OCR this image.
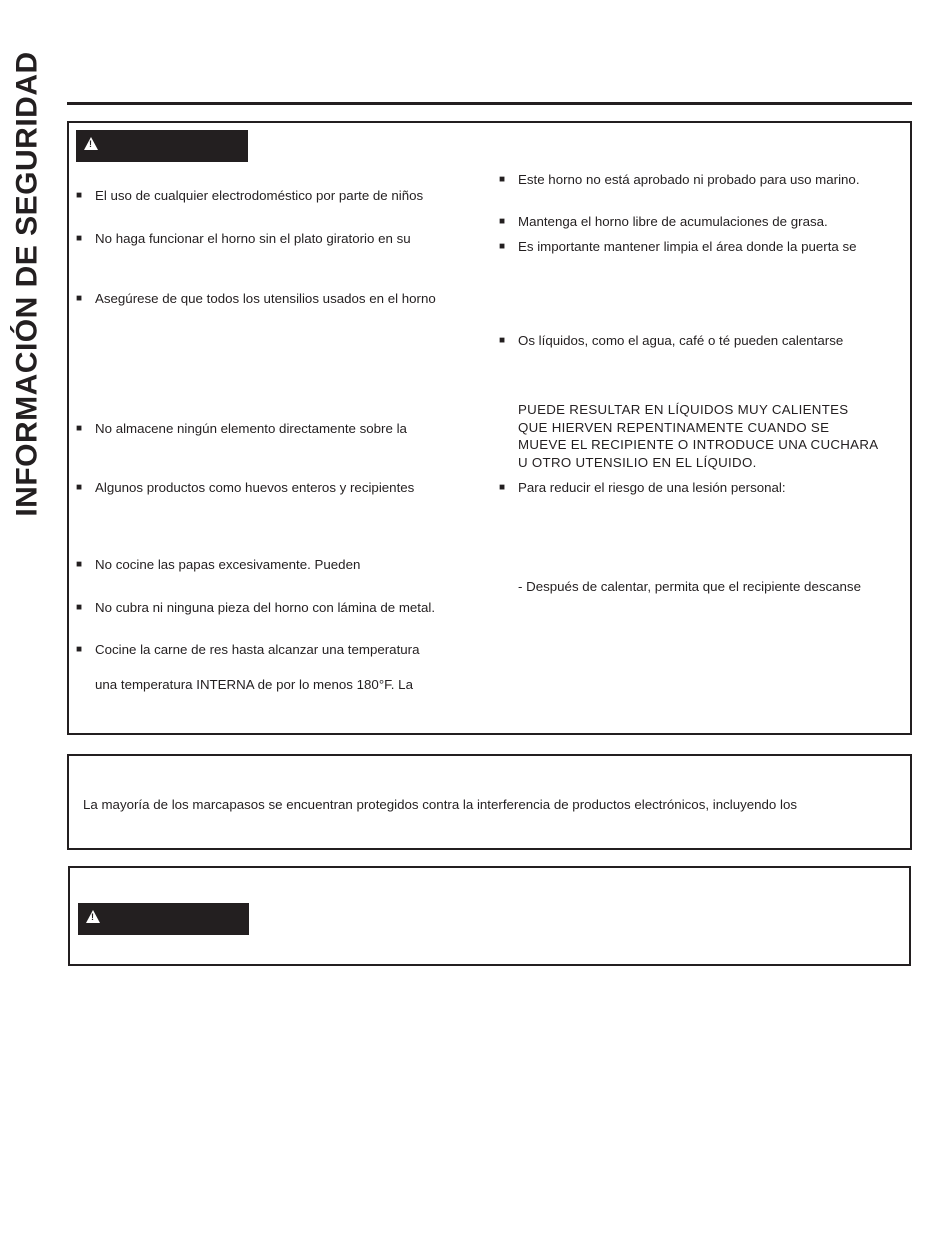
INFORMACIÓN DE SEGURIDAD
!	■ El uso de cualquier electrodoméstico por parte de niños
■ No haga funcionar el horno sin el plato giratorio en su
■ Asegúrese de que todos los utensilios usados en el horno
■ No almacene ningún elemento directamente sobre la
■ Algunos productos como huevos enteros y recipientes
■ No cocine las papas excesivamente. Pueden
■ No cubra ni ninguna pieza del horno con lámina de metal.
■ Cocine la carne de res hasta alcanzar una temperatura
una temperatura INTERNA de por lo menos 180°F. La
■ Este horno no está aprobado ni probado para uso marino.
■ Mantenga el horno libre de acumulaciones de grasa.
■ Es importante mantener limpia el área donde la puerta se
■ Os líquidos, como el agua, café o té pueden calentarse
PUEDE RESULTAR EN LÍQUIDOS MUY CALIENTES
QUE HIERVEN REPENTINAMENTE CUANDO SE
MUEVE EL RECIPIENTE O INTRODUCE UNA CUCHARA
U OTRO UTENSILIO EN EL LÍQUIDO.
■ Para reducir el riesgo de una lesión personal:
- Después de calentar, permita que el recipiente descanse
La mayoría de los marcapasos se encuentran protegidos contra la interferencia de productos electrónicos, incluyendo los
!
